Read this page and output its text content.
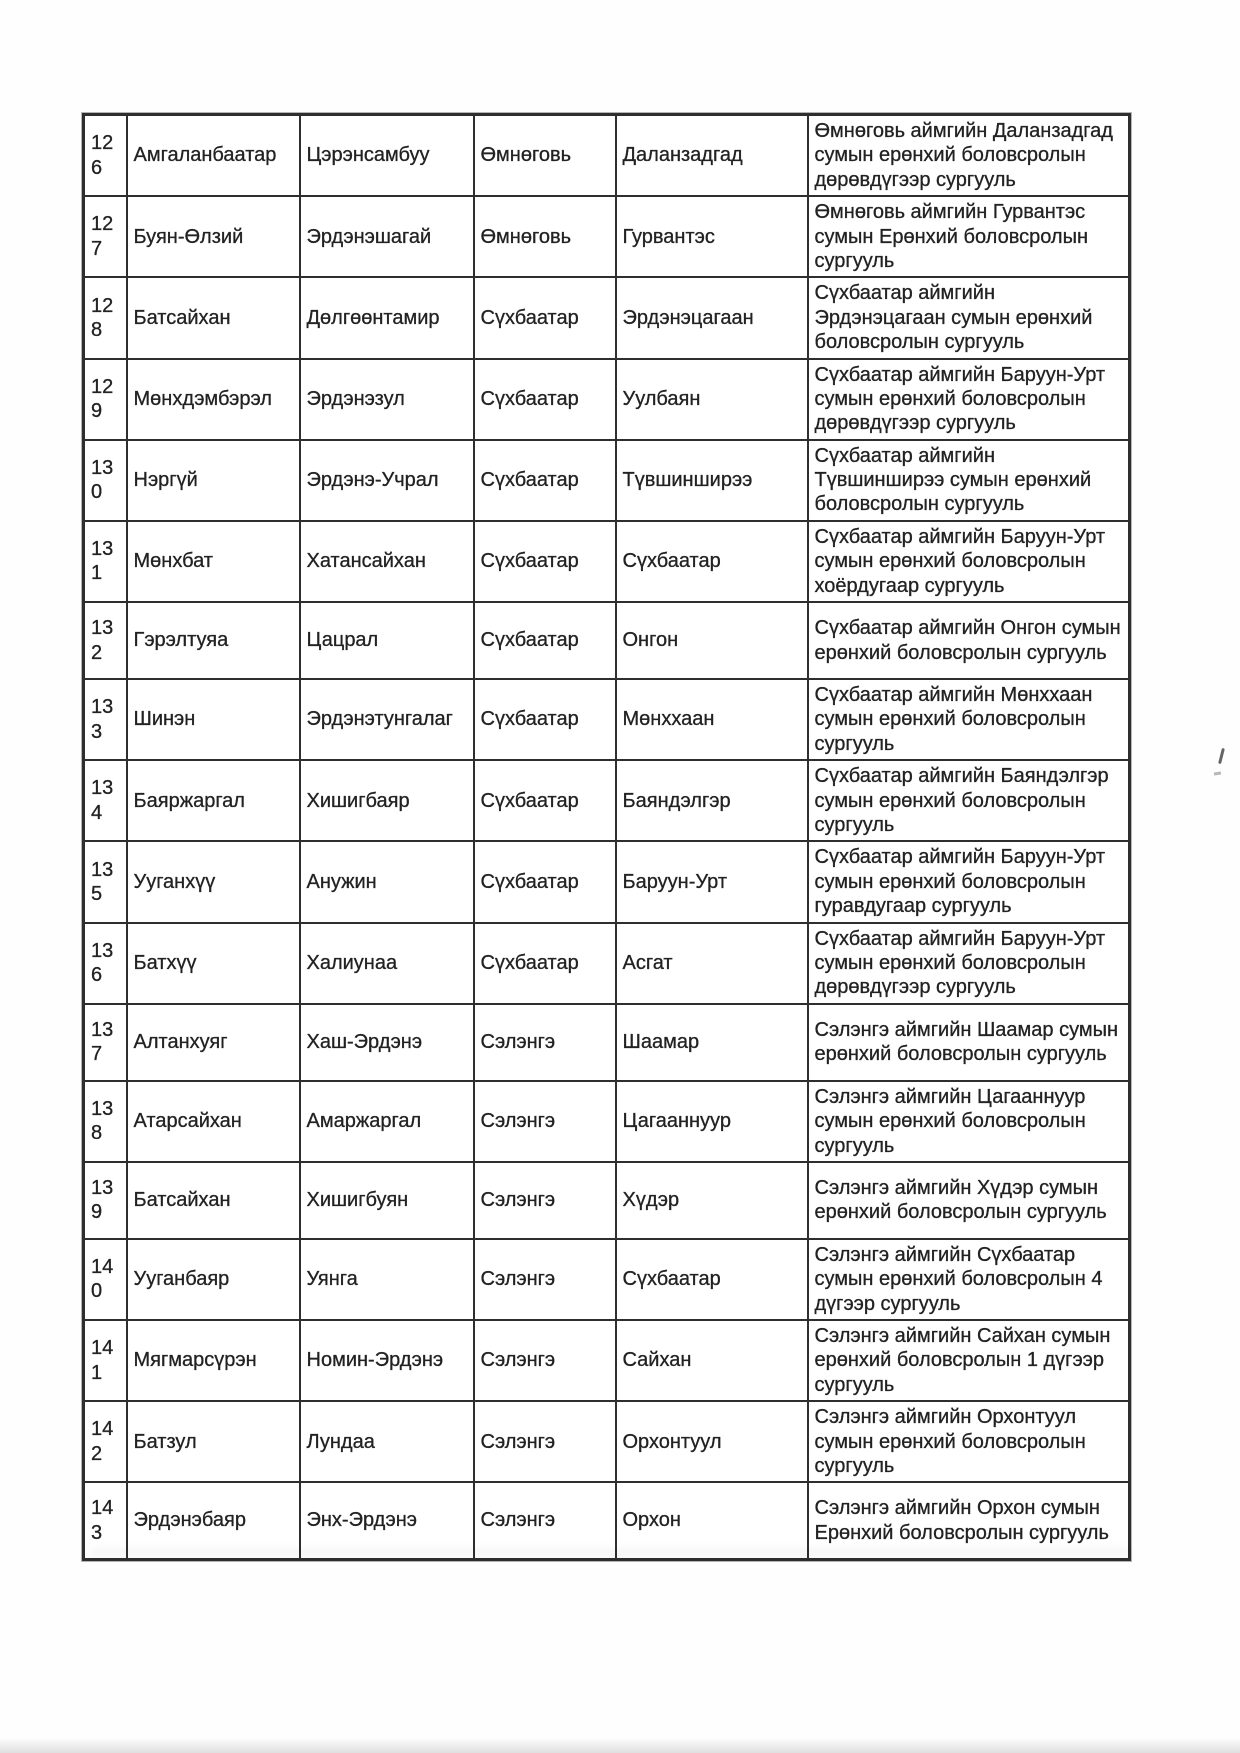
126	Амгаланбаатар	Цэрэнсамбуу	Өмнөговь	Даланзадгад	Өмнөговь аймгийн Даланзадгад сумын ерөнхий боловсролын дөрөвдүгээр сургууль
127	Буян-Өлзий	Эрдэнэшагай	Өмнөговь	Гурвантэс	Өмнөговь аймгийн Гурвантэс сумын Ерөнхий боловсролын сургууль
128	Батсайхан	Дөлгөөнтамир	Сүхбаатар	Эрдэнэцагаан	Сүхбаатар аймгийн Эрдэнэцагаан сумын ерөнхий боловсролын сургууль
129	Мөнхдэмбэрэл	Эрдэнэзул	Сүхбаатар	Уулбаян	Сүхбаатар аймгийн Баруун-Урт сумын ерөнхий боловсролын дөрөвдүгээр сургууль
130	Нэргүй	Эрдэнэ-Учрал	Сүхбаатар	Түвшинширээ	Сүхбаатар аймгийн Түвшинширээ сумын ерөнхий боловсролын сургууль
131	Мөнхбат	Хатансайхан	Сүхбаатар	Сүхбаатар	Сүхбаатар аймгийн Баруун-Урт сумын ерөнхий боловсролын хоёрдугаар сургууль
132	Гэрэлтуяа	Цацрал	Сүхбаатар	Онгон	Сүхбаатар аймгийн Онгон сумын ерөнхий боловсролын сургууль
133	Шинэн	Эрдэнэтунгалаг	Сүхбаатар	Мөнххаан	Сүхбаатар аймгийн Мөнххаан сумын ерөнхий боловсролын сургууль
134	Баяржаргал	Хишигбаяр	Сүхбаатар	Баяндэлгэр	Сүхбаатар аймгийн Баяндэлгэр сумын ерөнхий боловсролын сургууль
135	Ууганхүү	Анужин	Сүхбаатар	Баруун-Урт	Сүхбаатар аймгийн Баруун-Урт сумын ерөнхий боловсролын гуравдугаар сургууль
136	Батхүү	Халиунаа	Сүхбаатар	Асгат	Сүхбаатар аймгийн Баруун-Урт сумын ерөнхий боловсролын дөрөвдүгээр сургууль
137	Алтанхуяг	Хаш-Эрдэнэ	Сэлэнгэ	Шаамар	Сэлэнгэ аймгийн Шаамар сумын ерөнхий боловсролын сургууль
138	Атарсайхан	Амаржаргал	Сэлэнгэ	Цагааннуур	Сэлэнгэ аймгийн Цагааннуур сумын ерөнхий боловсролын сургууль
139	Батсайхан	Хишигбуян	Сэлэнгэ	Хүдэр	Сэлэнгэ аймгийн Хүдэр сумын ерөнхий боловсролын сургууль
140	Ууганбаяр	Уянга	Сэлэнгэ	Сүхбаатар	Сэлэнгэ аймгийн Сүхбаатар сумын ерөнхий боловсролын 4 дүгээр сургууль
141	Мягмарсүрэн	Номин-Эрдэнэ	Сэлэнгэ	Сайхан	Сэлэнгэ аймгийн Сайхан сумын ерөнхий боловсролын 1 дүгээр сургууль
142	Батзул	Лундаа	Сэлэнгэ	Орхонтуул	Сэлэнгэ аймгийн Орхонтуул сумын ерөнхий боловсролын сургууль
143	Эрдэнэбаяр	Энх-Эрдэнэ	Сэлэнгэ	Орхон	Сэлэнгэ аймгийн Орхон сумын Ерөнхий боловсролын сургууль
